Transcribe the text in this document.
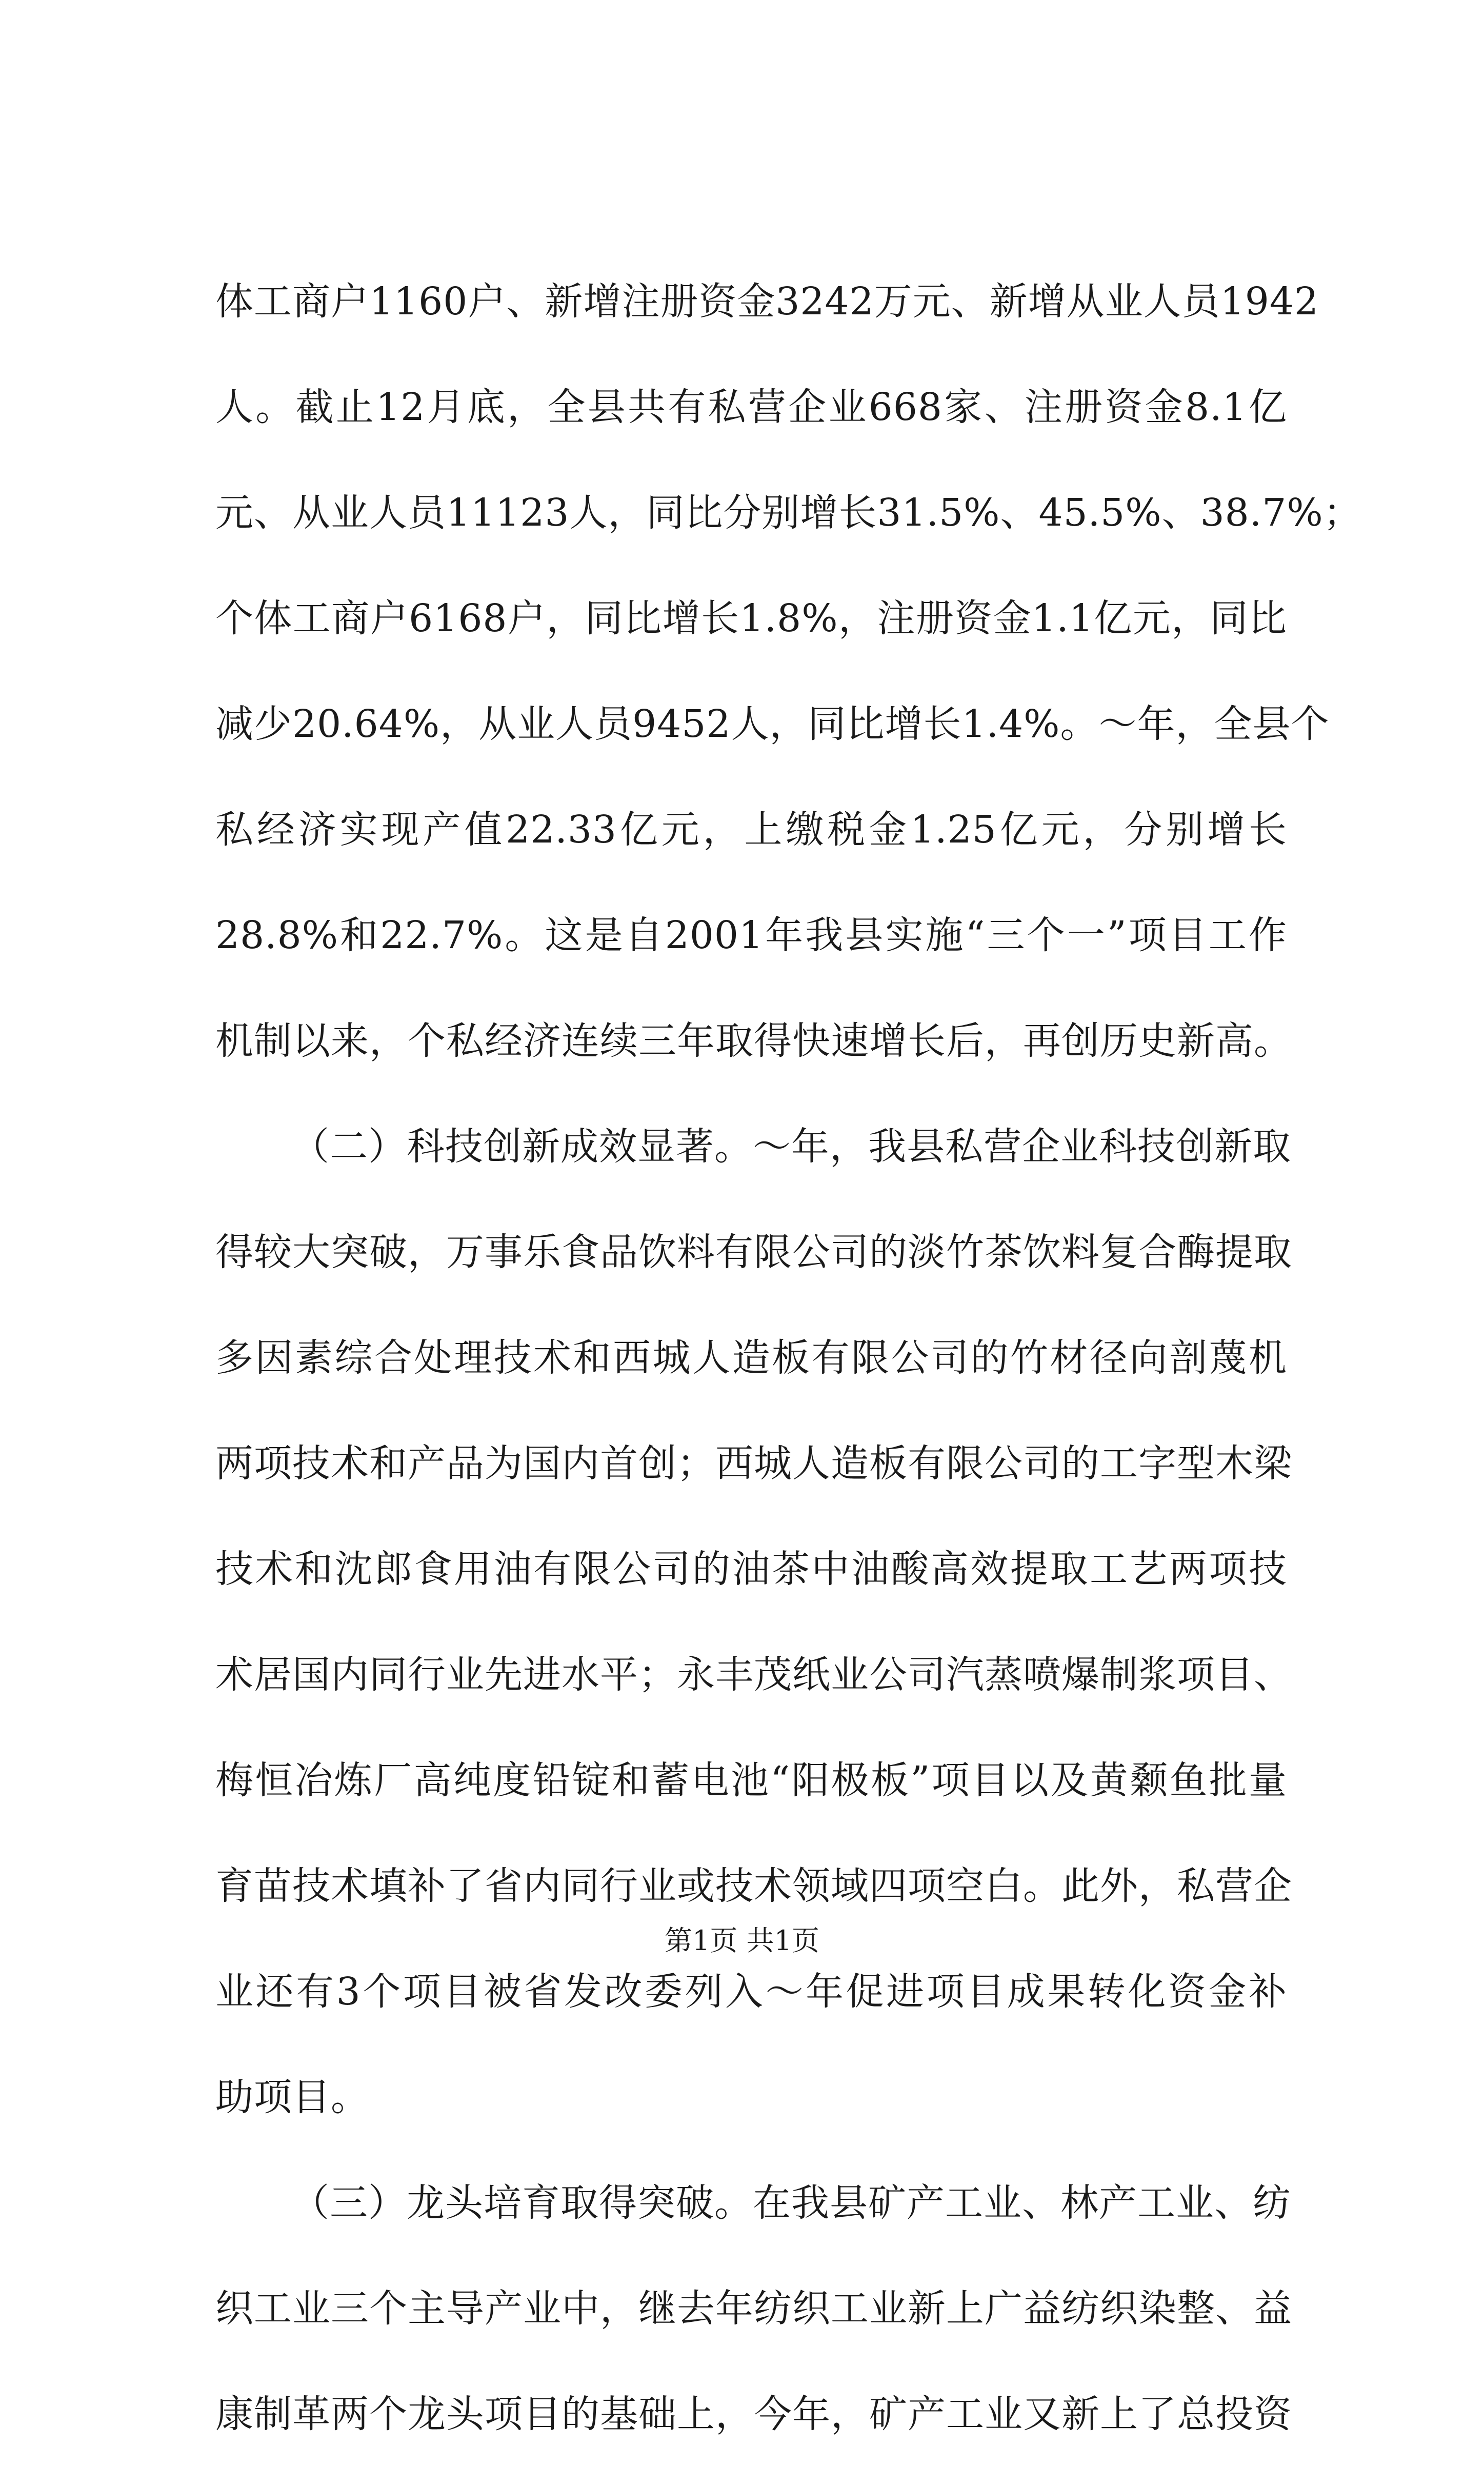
体工商户1160户、新增注册资金3242万元、新增从业人员1942
人。截止12月底，全县共有私营企业668家、注册资金8.1亿
元、从业人员11123人，同比分别增长31.5%、45.5%、38.7%；
个体工商户6168户，同比增长1.8%，注册资金1.1亿元，同比
减少20.64%，从业人员9452人，同比增长1.4%。～年，全县个
私经济实现产值22.33亿元，上缴税金1.25亿元，分别增长
28.8%和22.7%。这是自2001年我县实施“三个一”项目工作
机制以来，个私经济连续三年取得快速增长后，再创历史新高。
（二）科技创新成效显著。～年，我县私营企业科技创新取
得较大突破，万事乐食品饮料有限公司的淡竹茶饮料复合酶提取
多因素综合处理技术和西城人造板有限公司的竹材径向剖蔑机
两项技术和产品为国内首创；西城人造板有限公司的工字型木梁
技术和沈郎食用油有限公司的油茶中油酸高效提取工艺两项技
术居国内同行业先进水平；永丰茂纸业公司汽蒸喷爆制浆项目、
梅恒冶炼厂高纯度铅锭和蓄电池“阳极板”项目以及黄颡鱼批量
育苗技术填补了省内同行业或技术领域四项空白。此外，私营企
业还有3个项目被省发改委列入～年促进项目成果转化资金补
助项目。
（三）龙头培育取得突破。在我县矿产工业、林产工业、纺
织工业三个主导产业中，继去年纺织工业新上广益纺织染整、益
康制革两个龙头项目的基础上，今年，矿产工业又新上了总投资
第1页 共1页
